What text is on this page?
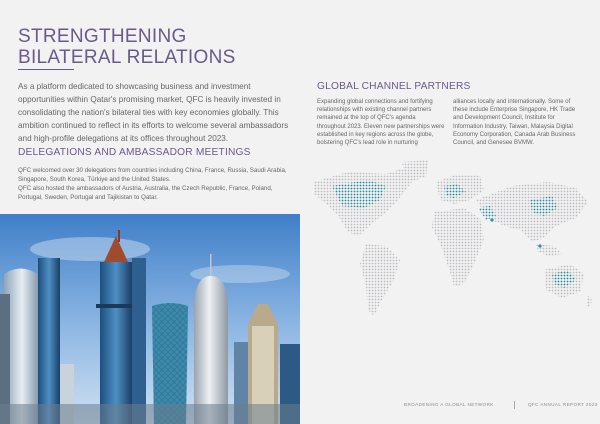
STRENGTHENING BILATERAL RELATIONS

As a platform dedicated to showcasing business and investment opportunities within Qatar's promising market, QFC is heavily invested in consolidating the nation's bilateral ties with key economies globally. This ambition continued to reflect in its efforts to welcome several ambassadors and high-profile delegations at its offices throughout 2023.

DELEGATIONS AND AMBASSADOR MEETINGS

QFC welcomed over 30 delegations from countries including China, France, Russia, Saudi Arabia, Singapore, South Korea, Türkiye and the United States.

QFC also hosted the ambassadors of Austria, Australia, the Czech Republic, France, Poland, Portugal, Sweden, Portugal and Tajikistan to Qatar.

GLOBAL CHANNEL PARTNERS

Expanding global connections and fortifying relationships with existing channel partners remained at the top of QFC's agenda throughout 2023. Eleven new partnerships were established in key regions across the globe, bolstering QFC's lead role in nurturing

alliances locally and internationally. Some of these include Enterprise Singapore, HK Trade and Development Council, Institute for Information Industry, Taiwan, Malaysia Digital Economy Corporation, Canada Arab Business Council, and Genesee BVMW.

BROADENING A GLOBAL NETWORK	QFC ANNUAL REPORT 2023
